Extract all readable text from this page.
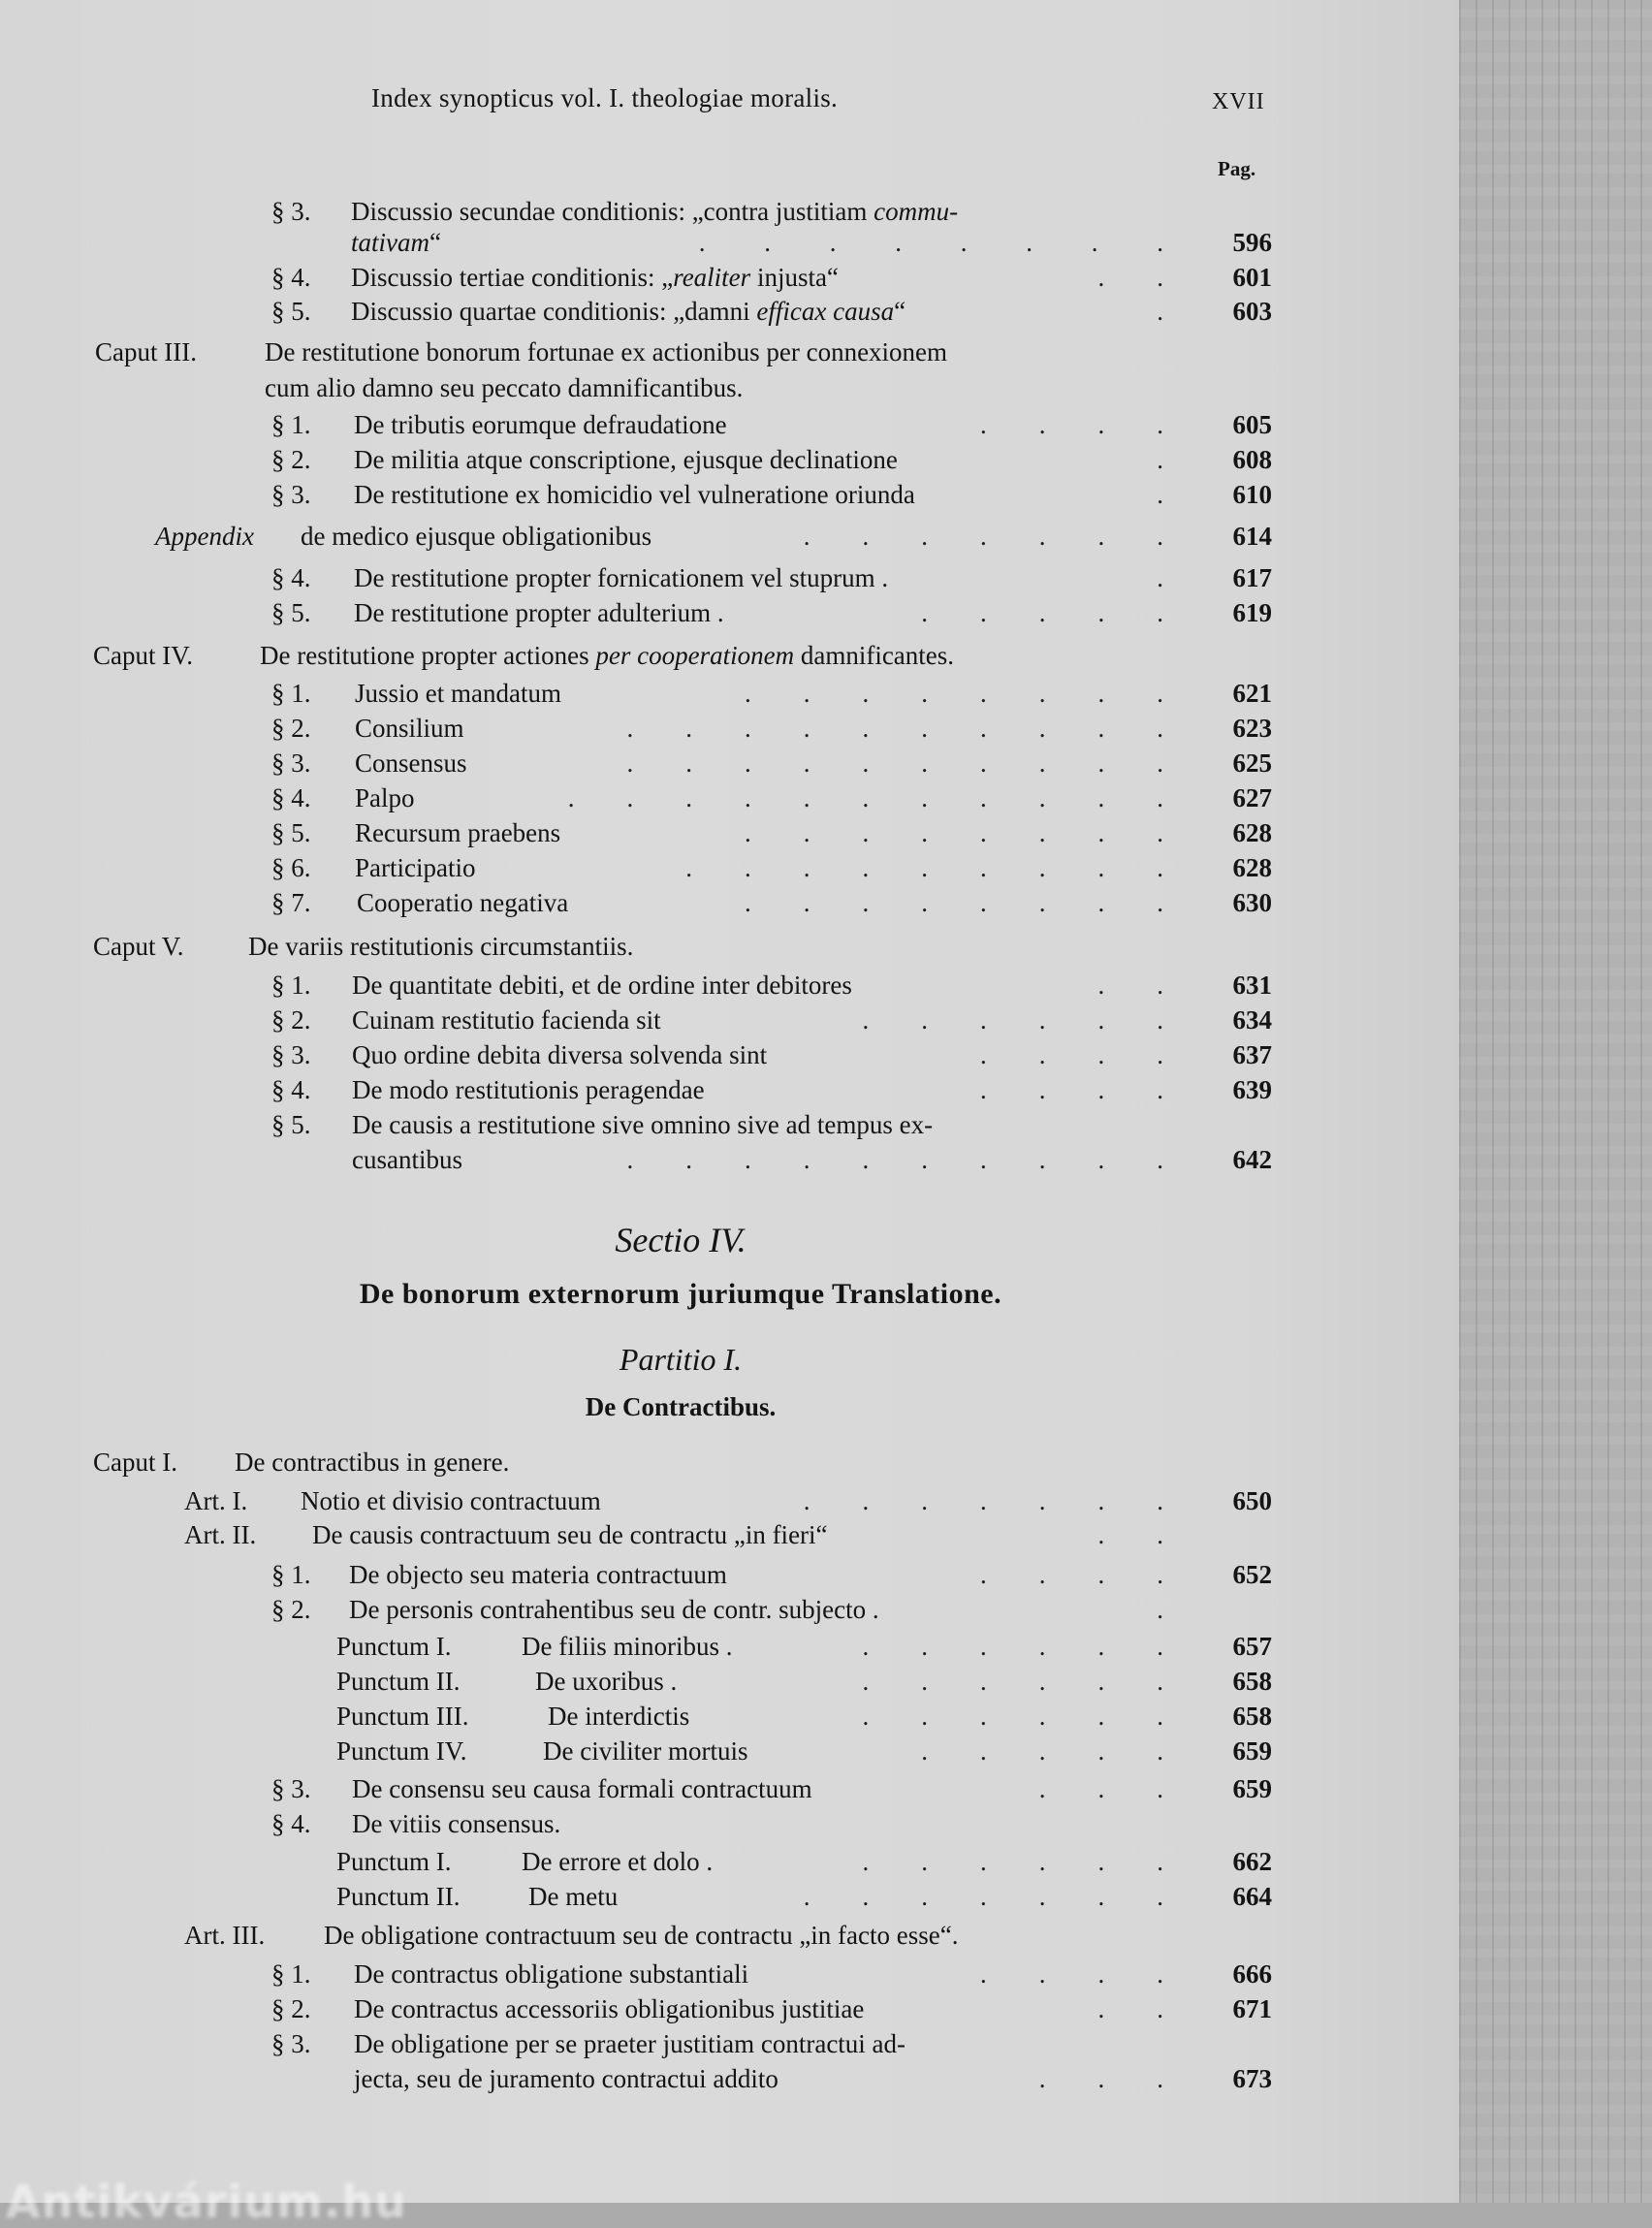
Index synopticus vol. I. theologiae moralis.	XVII
Pag.
§ 3. Discussio secundae conditionis: „contra justitiam commu-
tativam“	.         .         .         .         .         .         .         .	596
§ 4. Discussio tertiae conditionis: „realiter injusta“	.        .	601
§ 5. Discussio quartae conditionis: „damni efficax causa“	.	603
Caput III.	De restitutione bonorum fortunae ex actionibus per connexionem
cum alio damno seu peccato damnificantibus.
§ 1. De tributis eorumque defraudatione	.        .        .        .	605
§ 2. De militia atque conscriptione, ejusque declinatione	.	608
§ 3. De restitutione ex homicidio vel vulneratione oriunda	.	610
Appendix de medico ejusque obligationibus	.        .        .        .        .        .        .	614
§ 4. De restitutione propter fornicationem vel stuprum .	.	617
§ 5. De restitutione propter adulterium .	.        .        .        .        .	619
Caput IV.	De restitutione propter actiones per cooperationem damnificantes.
§ 1. Jussio et mandatum	.        .        .        .        .        .        .        .	621
§ 2. Consilium	.        .        .        .        .        .        .        .        .        .	623
§ 3. Consensus	.        .        .        .        .        .        .        .        .        .	625
§ 4. Palpo	.        .        .        .        .        .        .        .        .        .        .	627
§ 5. Recursum praebens	.        .        .        .        .        .        .        .	628
§ 6. Participatio	.        .        .        .        .        .        .        .        .	628
§ 7. Cooperatio negativa	.        .        .        .        .        .        .        .	630
Caput V. De variis restitutionis circumstantiis.
§ 1. De quantitate debiti, et de ordine inter debitores	.        .	631
§ 2. Cuinam restitutio facienda sit	.        .        .        .        .        .	634
§ 3. Quo ordine debita diversa solvenda sint	.        .        .        .	637
§ 4. De modo restitutionis peragendae	.        .        .        .	639
§ 5. De causis a restitutione sive omnino sive ad tempus ex-
cusantibus	.        .        .        .        .        .        .        .        .        .	642
Caput I. De contractibus in genere.
Art. I. Notio et divisio contractuum	.        .        .        .        .        .        .	650
Art. II. De causis contractuum seu de contractu „in fieri“	.        .
§ 1. De objecto seu materia contractuum	.        .        .        .	652
§ 2. De personis contrahentibus seu de contr. subjecto .	.
Punctum I.	De filiis minoribus .	.        .        .        .        .        .	657
Punctum II.	De uxoribus .	.        .        .        .        .        .	658
Punctum III.	De interdictis	.        .        .        .        .        .	658
Punctum IV.	De civiliter mortuis	.        .        .        .        .	659
§ 3. De consensu seu causa formali contractuum	.        .        .	659
§ 4. De vitiis consensus.
Punctum I.	De errore et dolo .	.        .        .        .        .        .	662
Punctum II.	De metu	.        .        .        .        .        .        .	664
Art. III. De obligatione contractuum seu de contractu „in facto esse“.
§ 1. De contractus obligatione substantiali	.        .        .        .	666
§ 2. De contractus accessoriis obligationibus justitiae	.        .	671
§ 3. De obligatione per se praeter justitiam contractui ad-
jecta, seu de juramento contractui addito	.        .        .	673
Sectio IV.
De bonorum externorum juriumque Translatione.
Partitio I.
De Contractibus.
Antikvárium.hu
